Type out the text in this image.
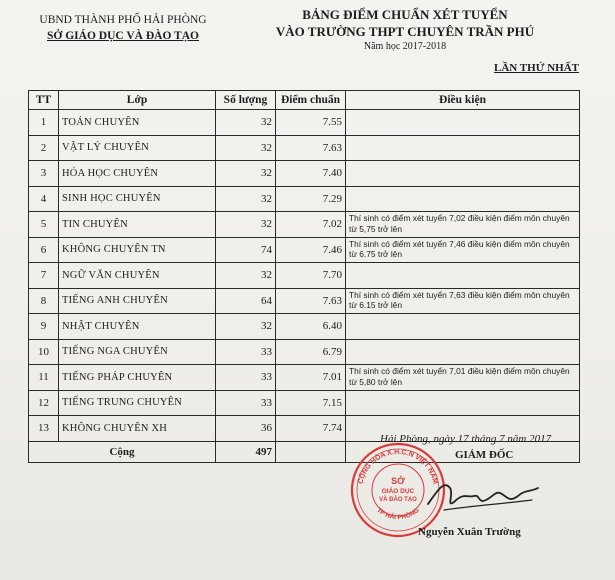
UBND THÀNH PHỐ HẢI PHÒNG
SỞ GIÁO DỤC VÀ ĐÀO TẠO
BẢNG ĐIỂM CHUẨN XÉT TUYỂN
VÀO TRƯỜNG THPT CHUYÊN TRẦN PHÚ
Năm học 2017-2018
LẦN THỨ NHẤT
TT	Lớp	Số lượng	Điểm chuẩn	Điều kiện
1	TOÁN CHUYÊN	32	7.55	
2	VẬT LÝ CHUYÊN	32	7.63	
3	HÓA HỌC CHUYÊN	32	7.40	
4	SINH HỌC CHUYÊN	32	7.29	
5	TIN CHUYÊN	32	7.02	Thí sinh có điểm xét tuyển 7,02 điều kiện điểm môn chuyên từ 5,75 trở lên
6	KHÔNG CHUYÊN TN	74	7.46	Thí sinh có điểm xét tuyển 7,46 điều kiện điểm môn chuyên từ 6.75 trở lên
7	NGỮ VĂN CHUYÊN	32	7.70	
8	TIẾNG ANH CHUYÊN	64	7.63	Thí sinh có điểm xét tuyển 7,63 điều kiện điểm môn chuyên từ 6.15 trở lên
9	NHẬT CHUYÊN	32	6.40	
10	TIẾNG NGA CHUYÊN	33	6.79	
11	TIẾNG PHÁP CHUYÊN	33	7.01	Thí sinh có điểm xét tuyển 7,01 điều kiện điểm môn chuyên từ 5,80 trở lên
12	TIẾNG TRUNG CHUYÊN	33	7.15	
13	KHÔNG CHUYÊN XH	36	7.74	
Cộng		497		
Hải Phòng, ngày 17 tháng 7 năm 2017
GIÁM ĐỐC
CỘNG HÒA X.H.C.N VIỆT NAM
TP HẢI PHÒNG
SỞ
GIÁO DỤC
VÀ ĐÀO TẠO
Nguyễn Xuân Trường
